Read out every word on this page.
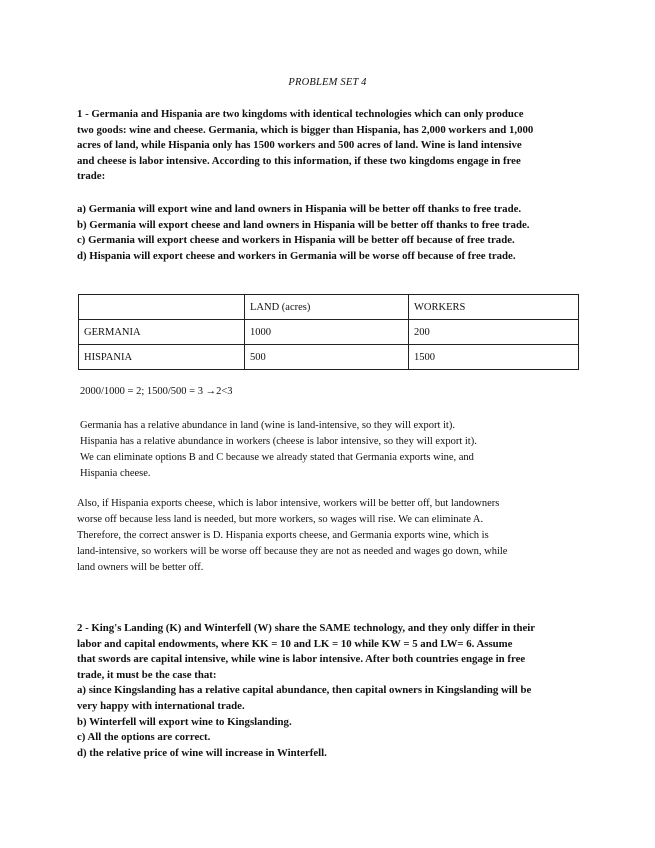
PROBLEM SET 4
1 - Germania and Hispania are two kingdoms with identical technologies which can only produce
two goods: wine and cheese. Germania, which is bigger than Hispania, has 2,000 workers and 1,000
acres of land, while Hispania only has 1500 workers and 500 acres of land. Wine is land intensive
and cheese is labor intensive. According to this information, if these two kingdoms engage in free
trade:
a) Germania will export wine and land owners in Hispania will be better off thanks to free trade.
b) Germania will export cheese and land owners in Hispania will be better off thanks to free trade.
c) Germania will export cheese and workers in Hispania will be better off because of free trade.
d) Hispania will export cheese and workers in Germania will be worse off because of free trade.
	LAND (acres)	WORKERS
GERMANIA	1000	200
HISPANIA	500	1500
2000/1000 = 2; 1500/500 = 3 →2<3
Germania has a relative abundance in land (wine is land-intensive, so they will export it).
Hispania has a relative abundance in workers (cheese is labor intensive, so they will export it).
We can eliminate options B and C because we already stated that Germania exports wine, and
Hispania cheese.
Also, if Hispania exports cheese, which is labor intensive, workers will be better off, but landowners
worse off because less land is needed, but more workers, so wages will rise. We can eliminate A.
Therefore, the correct answer is D. Hispania exports cheese, and Germania exports wine, which is
land-intensive, so workers will be worse off because they are not as needed and wages go down, while
land owners will be better off.
2 - King's Landing (K) and Winterfell (W) share the SAME technology, and they only differ in their
labor and capital endowments, where KK = 10 and LK = 10 while KW = 5 and LW= 6. Assume
that swords are capital intensive, while wine is labor intensive. After both countries engage in free
trade, it must be the case that:
a) since Kingslanding has a relative capital abundance, then capital owners in Kingslanding will be
very happy with international trade.
b) Winterfell will export wine to Kingslanding.
c) All the options are correct.
d) the relative price of wine will increase in Winterfell.
